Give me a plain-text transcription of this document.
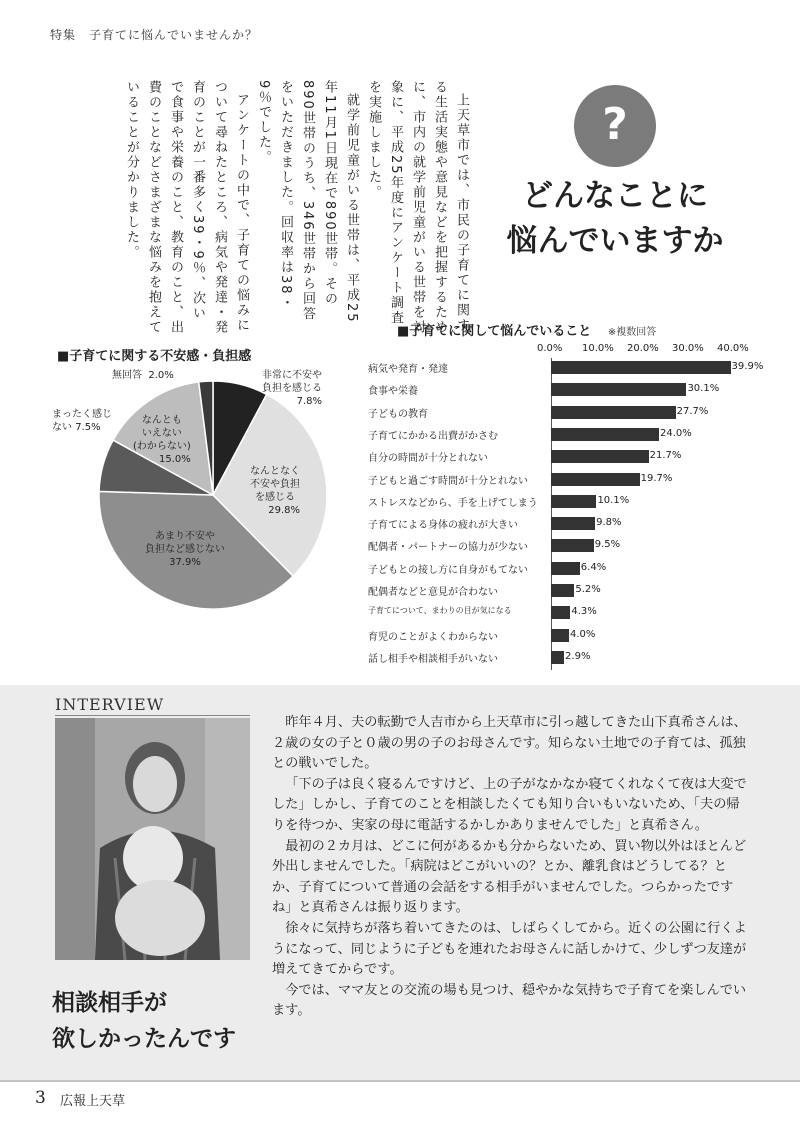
特集　子育てに悩んでいませんか？

上天草市では、市民の子育てに関する生活実態や意見などを把握するために、市内の就学前児童がいる世帯を対象に、平成25年度にアンケート調査を実施しました。

就学前児童がいる世帯は、平成25年11月1日現在で890世帯。その890世帯のうち、346世帯から回答をいただきました。回収率は38・9％でした。

アンケートの中で、子育ての悩みについて尋ねたところ、病気や発達・発育のことが一番多く39・9％、次いで食事や栄養のこと、教育のこと、出費のことなどさまざまな悩みを抱えていることが分かりました。	?
どんなことに
悩んでいますか
■子育てに関する不安感・負担感
非常に不安や
負担を感じる
7.8%
なんとなく
不安や負担
を感じる
29.8%
あまり不安や
負担など感じない
37.9%
まったく感じ
ない 7.5%
なんとも
いえない
(わからない)
15.0%
無回答 2.0%
■子育てに関して悩んでいること ※複数回答
0.0% 10.0% 20.0% 30.0% 40.0%
病気や発育・発達	39.9%
食事や栄養	30.1%
子どもの教育	27.7%
子育てにかかる出費がかさむ	24.0%
自分の時間が十分とれない	21.7%
子どもと過ごす時間が十分とれない	19.7%
ストレスなどから、手を上げてしまう	10.1%
子育てによる身体の疲れが大きい	9.8%
配偶者・パートナーの協力が少ない	9.5%
子どもとの接し方に自身がもてない	6.4%
配偶者などと意見が合わない	5.2%
子育てについて、まわりの目が気になる	4.3%
育児のことがよくわからない	4.0%
話し相手や相談相手がいない	2.9%
INTERVIEW
相談相手が
欲しかったんです

昨年４月、夫の転勤で人吉市から上天草市に引っ越してきた山下真希さんは、２歳の女の子と０歳の男の子のお母さんです。知らない土地での子育ては、孤独との戦いでした。

「下の子は良く寝るんですけど、上の子がなかなか寝てくれなくて夜は大変でした」しかし、子育てのことを相談したくても知り合いもいないため、「夫の帰りを待つか、実家の母に電話するかしかありませんでした」と真希さん。

最初の２カ月は、どこに何があるかも分からないため、買い物以外はほとんど外出しませんでした。「病院はどこがいいの？とか、離乳食はどうしてる？とか、子育てについて普通の会話をする相手がいませんでした。つらかったですね」と真希さんは振り返ります。

徐々に気持ちが落ち着いてきたのは、しばらくしてから。近くの公園に行くようになって、同じように子どもを連れたお母さんに話しかけて、少しずつ友達が増えてきてからです。

今では、ママ友との交流の場も見つけ、穏やかな気持ちで子育てを楽しんでいます。

3 広報上天草
